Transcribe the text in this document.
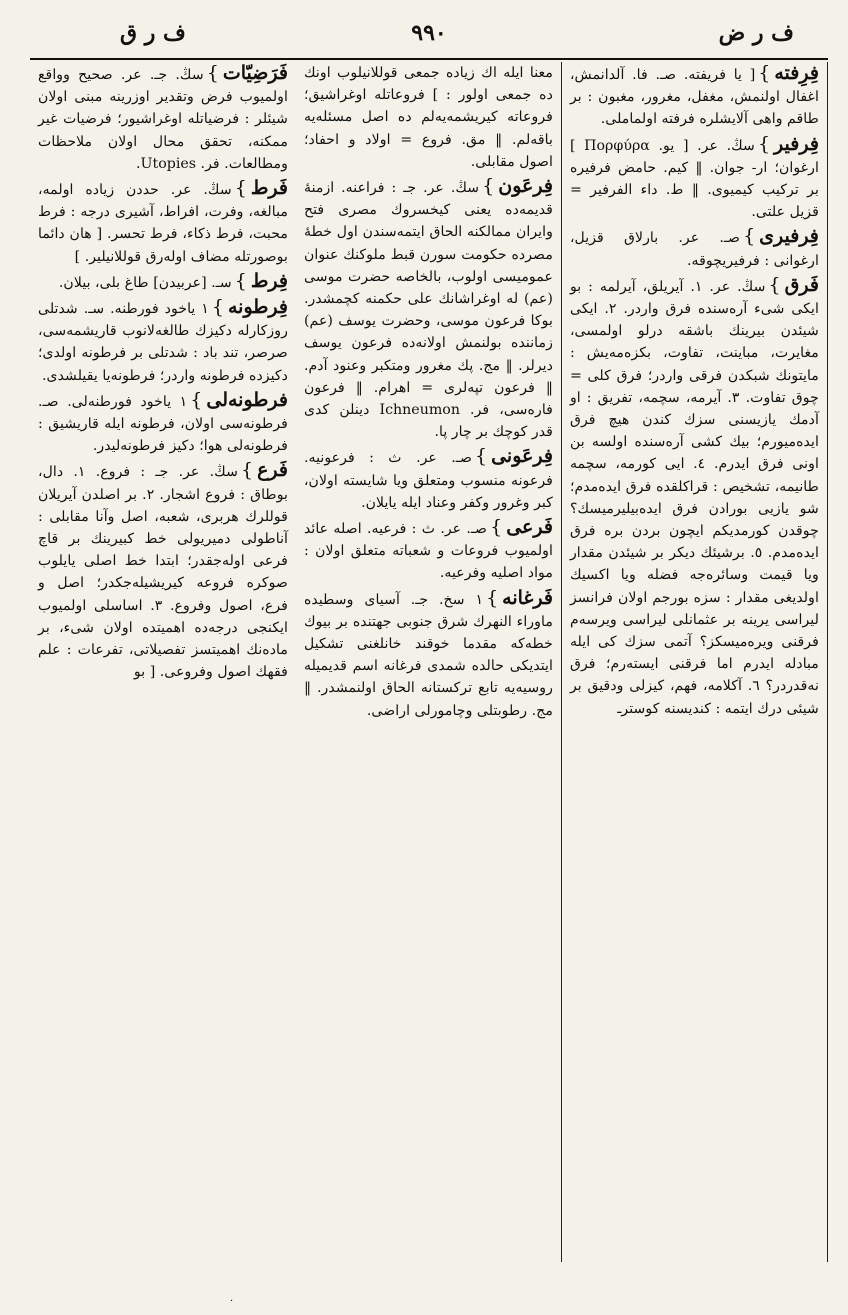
ف ر ض
۹۹۰
ف ر ق

فَرَضِيّات}سڭ. جـ. عر. صحيح وواقع اولميوب فرض وتقدير اوزرينه مبنی اولان شيئلر : فرضياتله اوغراشيور؛ فرضيات غير ممكنه، تحقق محال اولان ملاحظات ومطالعات. فر. Utopies.

فَرط}سڭ. عر. حددن زياده اولمه، مبالغه، وفرت، افراط، آشيری درجه : فرط محبت، فرط ذكاء، فرط تحسر. [ هان دائما بوصورتله مضاف اولەرق قوللانيلير. ]

فِرط}سـ. [عربيدن] طاغ بلی، بيلان.

فِرطونه}۱ ياخود فورطنه. سـ. شدتلی روزكارله دكيزك طالغەلانوب قاريشمەسی، صرصر، تند باد : شدتلی بر فرطونه اولدی؛ دكيزده فرطونه واردر؛ فرطونەيا يقيلشدی.

فرطونەلی}۱ ياخود فورطنەلی. صـ. فرطونەسی اولان، فرطونه ايله قاريشيق : فرطونەلی هوا؛ دكيز فرطونەليدر.

فَرع}سڭ. عر. جـ : فروع. ۱. دال، بوطاق : فروع اشجار. ۲. بر اصلدن آيريلان قوللرك هربری، شعبه، اصل وآنا مقابلی : آناطولی دميريولی خط كبيرينك بر قاچ فرعی اولەجقدر؛ ابتدا خط اصلی يايلوب صوكره فروعه كيريشيلەجكدر؛ اصل و فرع، اصول وفروع. ۳. اساسلی اولميوب ايكنجی درجەده اهميتده اولان شیء، بر مادەنك اهميتسز تفصيلاتی، تفرعات : علم فقهك اصول وفروعی. [ بو

معنا ايله اك زياده جمعی قوللانيلوب اونك ده جمعی اولور : ] فروعاتله اوغراشيق؛ فروعاته كيريشمەيەلم ده اصل مسئلەيه باقەلم. ‖ مق. فروع = اولاد و احفاد؛ اصول مقابلی.

فِرعَون}سڭ. عر. جـ : فراعنه. ازمنۀ قديمەده يعنی كيخسروك مصری فتح وايران ممالكنه الحاق ايتمەسندن اول خطۀ مصرده حكومت سورن قبط ملوكنك عنوان عموميسی اولوب، بالخاصه حضرت موسی (عم) له اوغراشانك علی حكمنه كچمشدر. بوكا فرعون موسی، وحضرت يوسف (عم) زماننده بولنمش اولانەده فرعون يوسف ديرلر. ‖ مج. پك مغرور ومتكبر وعنود آدم. ‖ فرعون تپەلری = اهرام. ‖ فرعون فارەسی، فر. Ichneumon دينلن كدی قدر كوچك بر چار پا.

فِرعَونی}صـ. عر. ث : فرعونيه. فرعونه منسوب ومتعلق ويا شايسته اولان، كبر وغرور وكفر وعناد ايله يايلان.

فَرعی}صـ. عر. ث : فرعيه. اصله عائد اولميوب فروعات و شعباته متعلق اولان : مواد اصليه وفرعيه.

فَرغانه}۱ سخ. جـ. آسيای وسطيده ماوراء النهرك شرق جنوبی جهتنده بر بيوك خطەكه مقدما خوقند خانلغنی تشكيل ايتديكی حالده شمدی فرغانه اسم قديميله روسيەيه تابع تركستانه الحاق اولنمشدر. ‖ مج. رطوبتلی وچامورلی اراضی.

فِرِفته}[ يا فريفته. صـ. فا. آلدانمش، اغفال اولنمش، مغفل، مغرور، مغبون : بر طاقم واهی آلايشلره فرفته اولماملی.

فِرفير}سڭ. عر. [ يو. Πορφύρα ] ارغوان؛ ار- جوان. ‖ كيم. حامض فرفيره بر تركيب كيمیوی. ‖ ط. داء الفرفير = قزيل علتی.

فِرفيری}صـ. عر. بارلاق قزيل، ارغوانی : فرفيریچوقه.

فَرق}سڭ. عر. ۱. آيريلق، آيرلمه : بو ايكی شیء آرەسنده فرق واردر. ۲. ايكی شيئدن بيرينك باشقه درلو اولمسی، مغايرت، مباينت، تفاوت، بكزەمەيش : مايتونك شبكدن فرقی واردر؛ فرق كلی = چوق تفاوت. ۳. آيرمه، سچمه، تفريق : او آدمك يازيسنی سزك كندن هيچ فرق ايدەميورم؛ بيك كشی آرەسنده اولسه بن اونی فرق ايدرم. ٤. ايی كورمه، سچمه طانيمه، تشخيص : قراكلقده فرق ايدەمدم؛ شو يازيی بورادن فرق ايدەبيليرميسك؟ چوقدن كورمديكم ايچون بردن بره فرق ايدەمدم. ٥. برشيئك ديكر بر شيئدن مقدار ويا قيمت وسائرەجه فضله ويا اكسيك اولديغی مقدار : سزه بورجم اولان فرانسز ليراسی يرينه بر عثمانلی ليراسی ويرسەم فرقنی ويرەميسكز؟ آتمی سزك كی ايله مبادله ايدرم اما فرقنی ايستەرم؛ فرق نەقدردر؟ ٦. آكلامه، فهم، كيزلی ودقيق بر شيئی درك ايتمه : كنديسنه كوسترـ

·
